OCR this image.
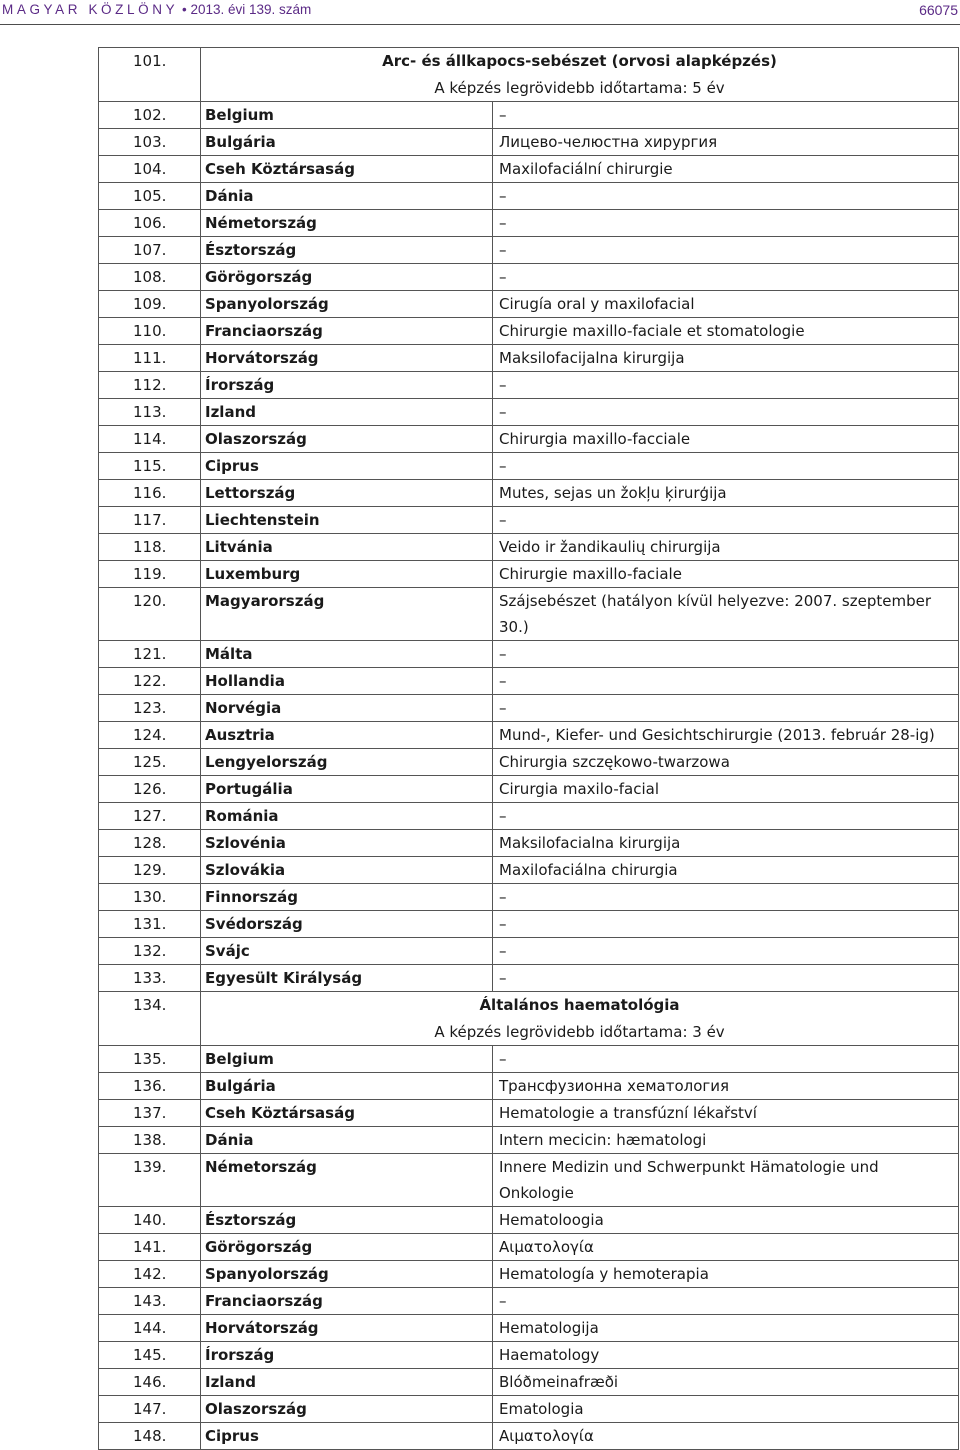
MAGYAR KÖZLÖNY • 2013. évi 139. szám	66075
101.	Arc- és állkapocs-sebészet (orvosi alapképzés)
A képzés legrövidebb időtartama: 5 év	

102.	Belgium	–
103.	Bulgária	Лицево-челюстна хирургия
104.	Cseh Köztársaság	Maxilofaciální chirurgie
105.	Dánia	–
106.	Németország	–
107.	Észtország	–
108.	Görögország	–
109.	Spanyolország	Cirugía oral y maxilofacial
110.	Franciaország	Chirurgie maxillo-faciale et stomatologie
111.	Horvátország	Maksilofacijalna kirurgija
112.	Írország	–
113.	Izland	–
114.	Olaszország	Chirurgia maxillo-facciale
115.	Ciprus	–
116.	Lettország	Mutes, sejas un žokļu ķirurģija
117.	Liechtenstein	–
118.	Litvánia	Veido ir žandikaulių chirurgija
119.	Luxemburg	Chirurgie maxillo-faciale
120.	Magyarország	Szájsebészet (hatályon kívül helyezve: 2007. szeptember 30.)
121.	Málta	–
122.	Hollandia	–
123.	Norvégia	–
124.	Ausztria	Mund-, Kiefer- und Gesichtschirurgie (2013. február 28-ig)
125.	Lengyelország	Chirurgia szczękowo-twarzowa
126.	Portugália	Cirurgia maxilo-facial
127.	Románia	–
128.	Szlovénia	Maksilofacialna kirurgija
129.	Szlovákia	Maxilofaciálna chirurgia
130.	Finnország	–
131.	Svédország	–
132.	Svájc	–
133.	Egyesült Királyság	–
134.	Általános haematológia
A képzés legrövidebb időtartama: 3 év	

135.	Belgium	–
136.	Bulgária	Трансфузионна хематология
137.	Cseh Köztársaság	Hematologie a transfúzní lékařství
138.	Dánia	Intern mecicin: hæmatologi
139.	Németország	Innere Medizin und Schwerpunkt Hämatologie und Onkologie
140.	Észtország	Hematoloogia
141.	Görögország	Αιματολογία
142.	Spanyolország	Hematología y hemoterapia
143.	Franciaország	–
144.	Horvátország	Hematologija
145.	Írország	Haematology
146.	Izland	Blóðmeinafræði
147.	Olaszország	Ematologia
148.	Ciprus	Αιματολογία
